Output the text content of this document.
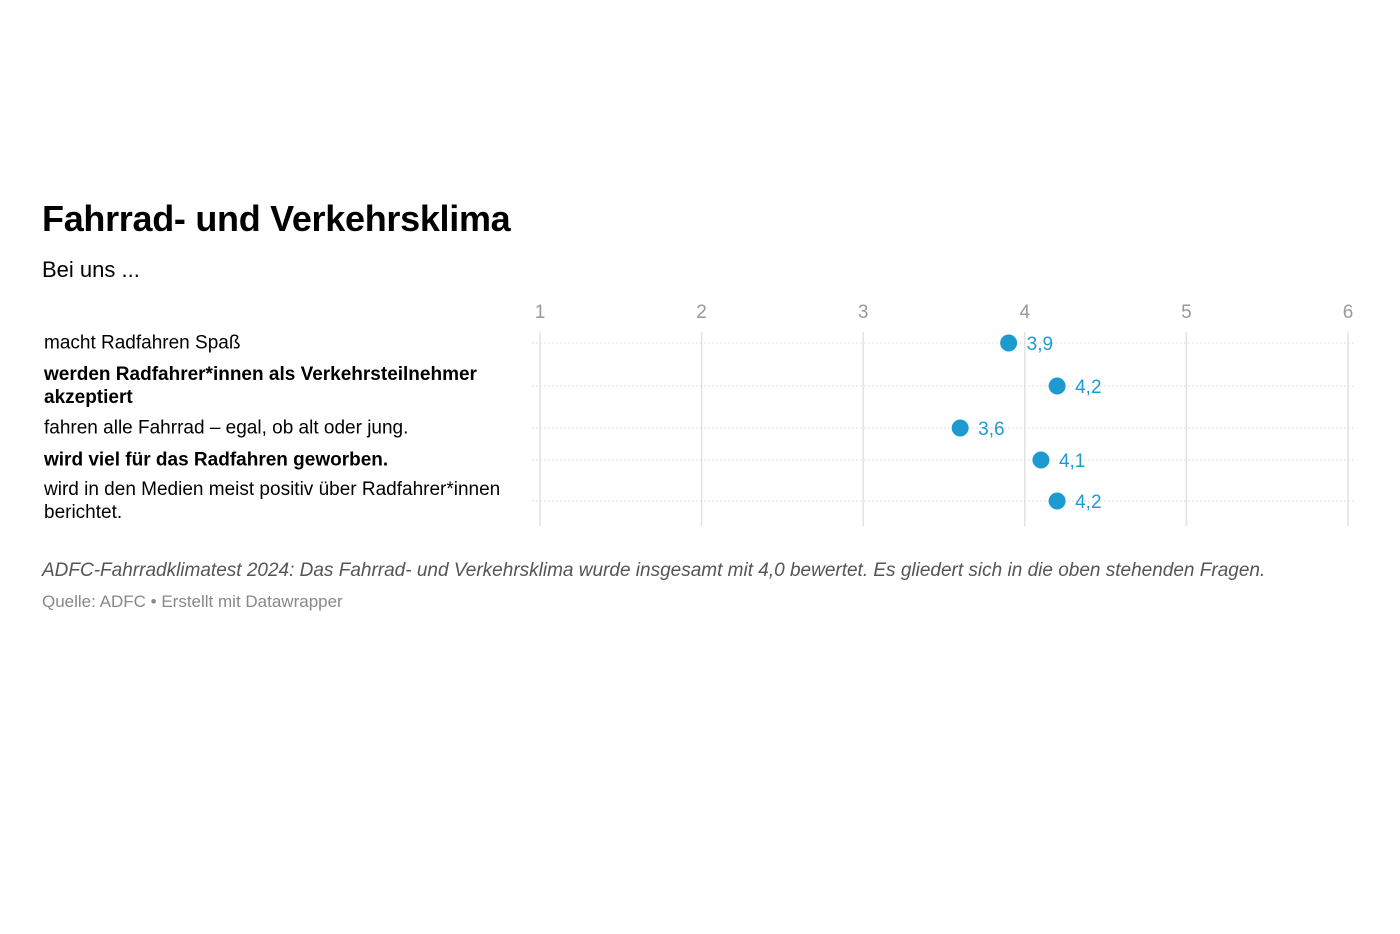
Fahrrad- und Verkehrsklima

Bei uns ...

macht Radfahren Spaß
werden Radfahrer*innen als Verkehrsteilnehmer akzeptiert
fahren alle Fahrrad – egal, ob alt oder jung.
wird viel für das Radfahren geworben.
wird in den Medien meist positiv über Radfahrer*innen berichtet.
1	2	3	4	5	6
3,9
4,2
3,6
4,1
4,2

ADFC-Fahrradklimatest 2024: Das Fahrrad- und Verkehrsklima wurde insgesamt mit 4,0 bewertet. Es gliedert sich in die oben stehenden Fragen.

Quelle: ADFC • Erstellt mit Datawrapper
